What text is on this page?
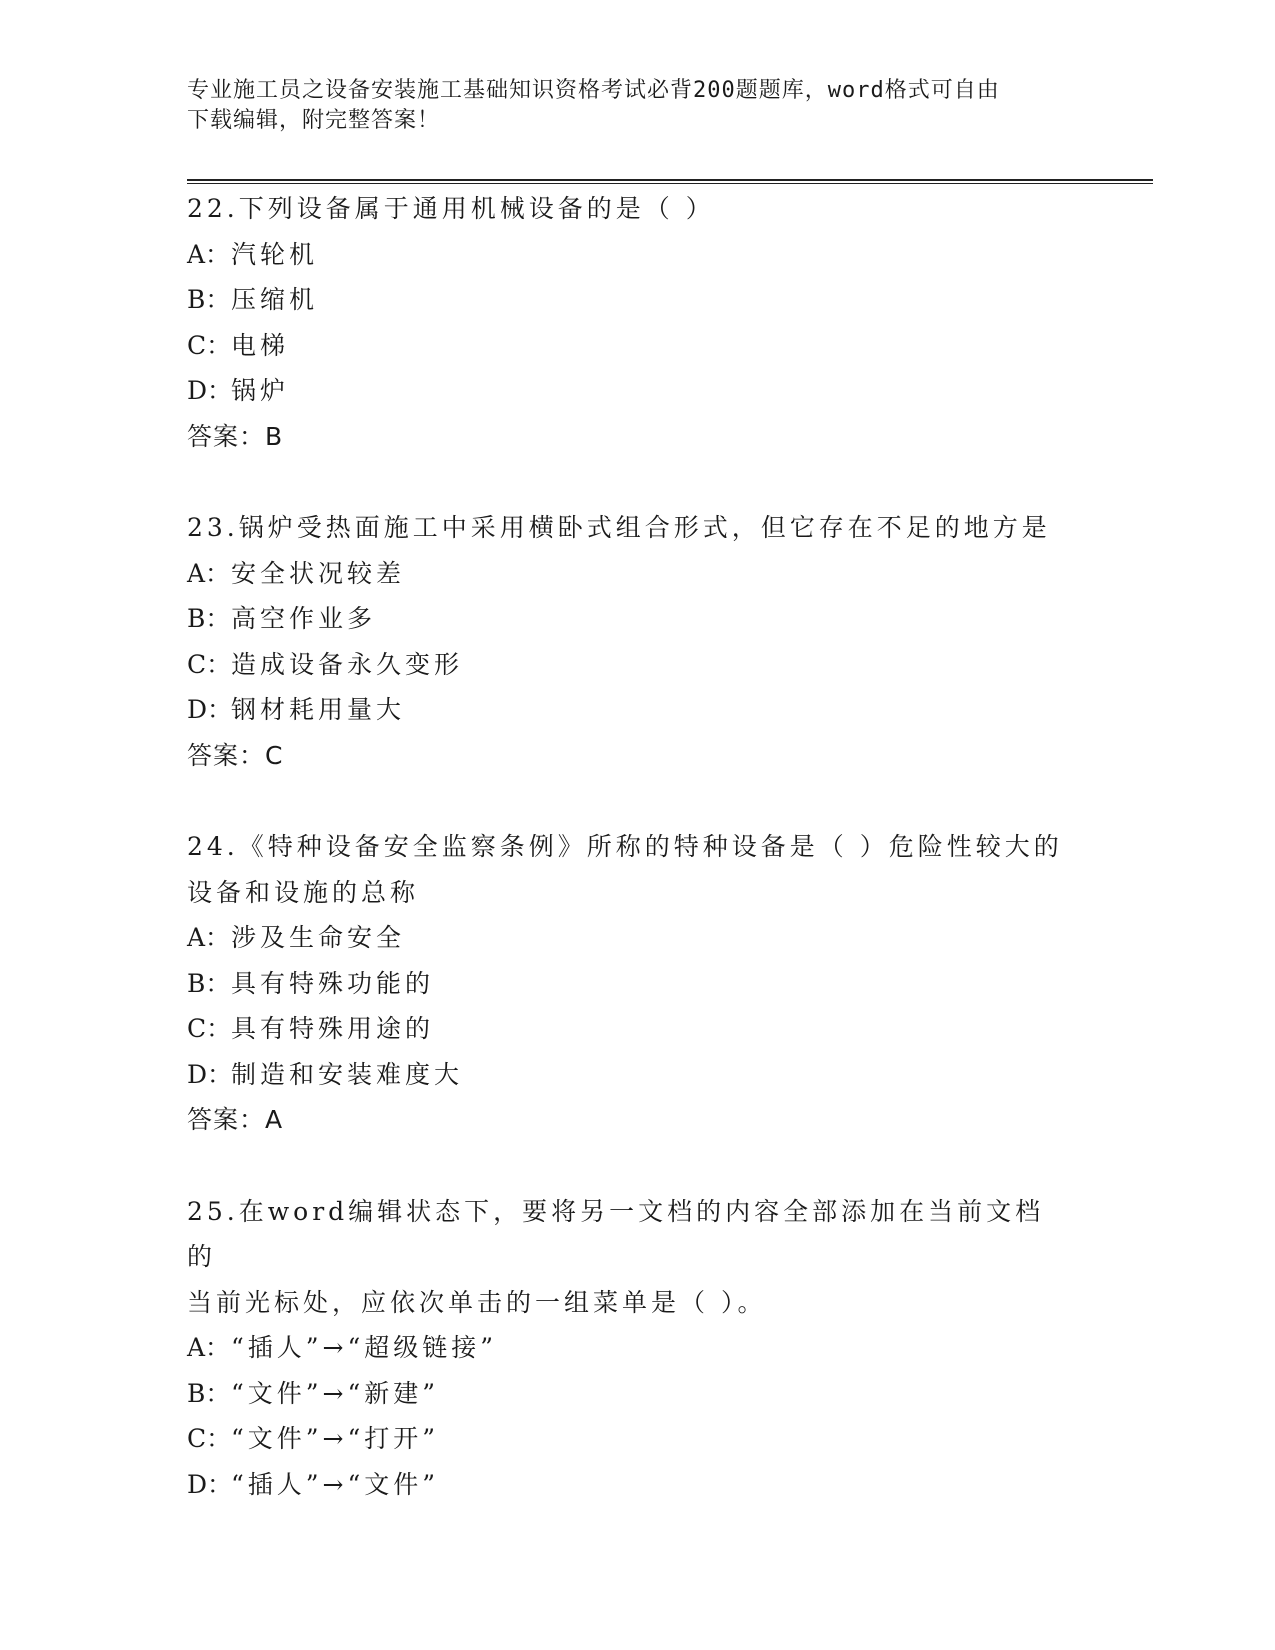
专业施工员之设备安装施工基础知识资格考试必背200题题库，word格式可自由
下载编辑，附完整答案！
22.下列设备属于通用机械设备的是（ ）
A：汽轮机
B：压缩机
C：电梯
D：锅炉
答案：B
23.锅炉受热面施工中采用横卧式组合形式，但它存在不足的地方是
A：安全状况较差
B：高空作业多
C：造成设备永久变形
D：钢材耗用量大
答案：C
24.《特种设备安全监察条例》所称的特种设备是（ ）危险性较大的
设备和设施的总称
A：涉及生命安全
B：具有特殊功能的
C：具有特殊用途的
D：制造和安装难度大
答案：A
25.在word编辑状态下，要将另一文档的内容全部添加在当前文档的
当前光标处，应依次单击的一组菜单是（ ）。
A：“插人”→“超级链接”
B：“文件”→“新建”
C：“文件”→“打开”
D：“插人”→“文件”
